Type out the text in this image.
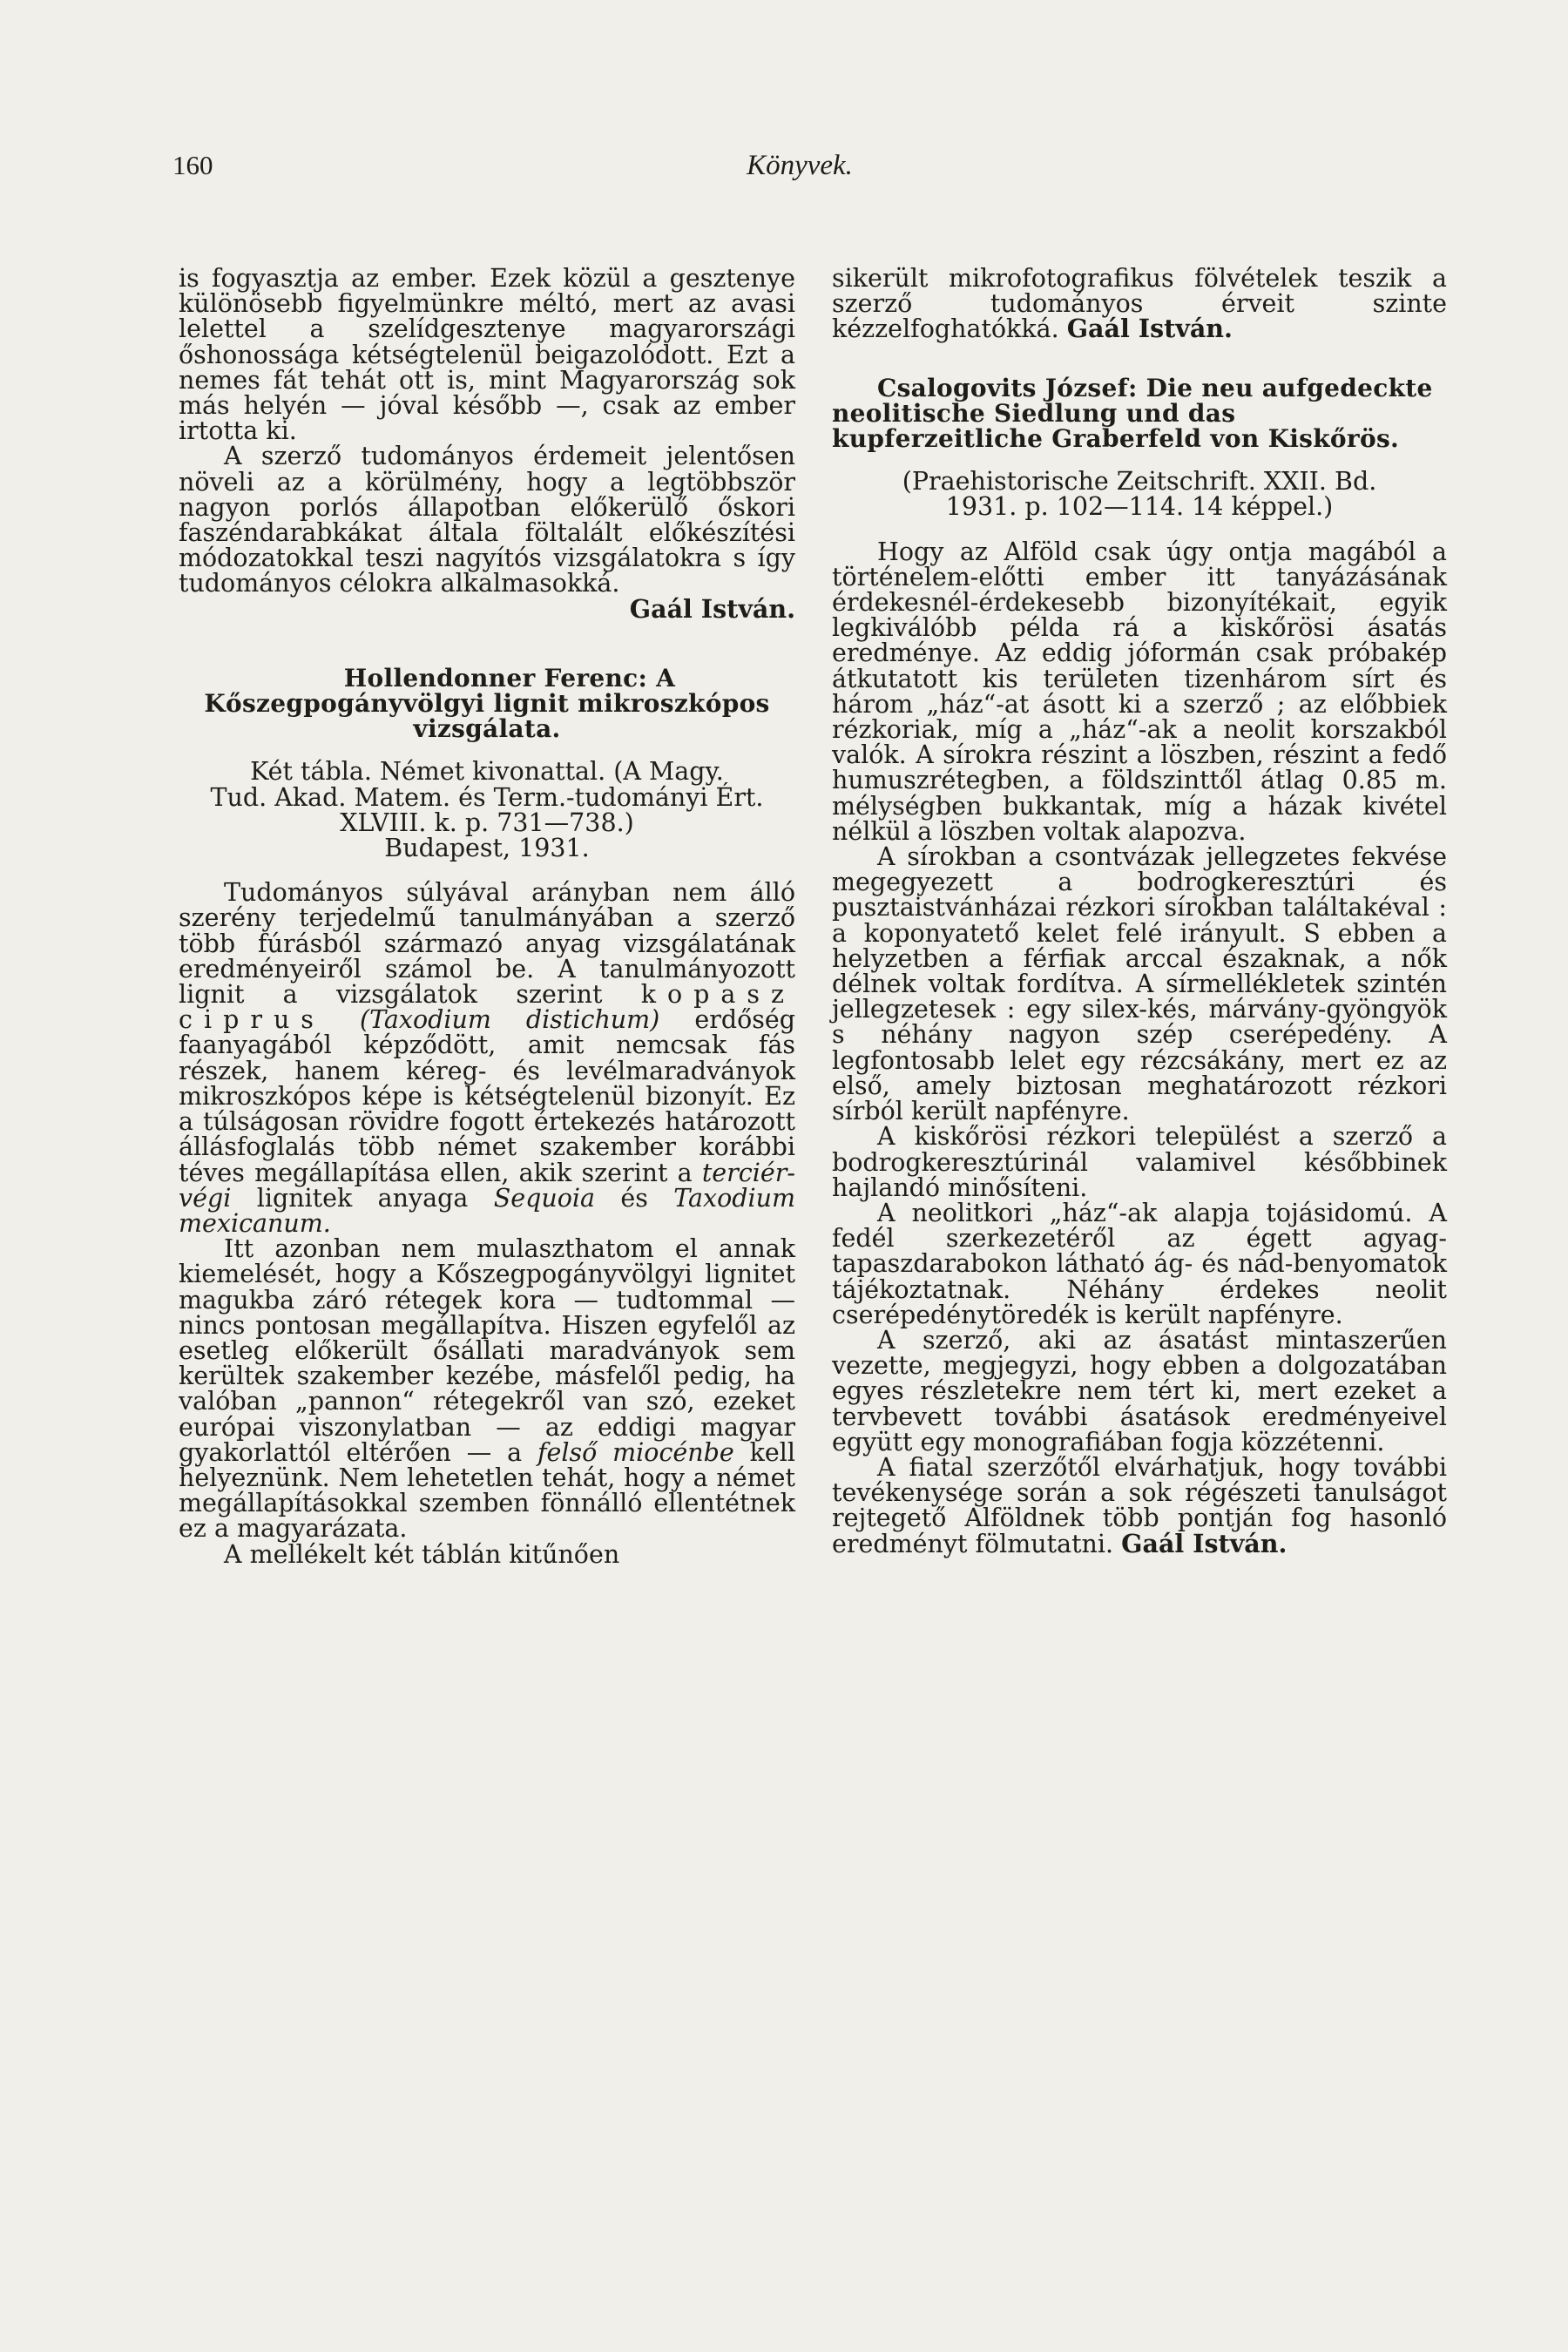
160	Könyvek.

is fogyasztja az ember. Ezek közül a gesztenye különösebb figyelmünkre méltó, mert az avasi lelettel a szelídgesztenye magyarországi őshonossága kétségtelenül beigazolódott. Ezt a nemes fát tehát ott is, mint Magyarország sok más helyén — jóval később —, csak az ember irtotta ki.

A szerző tudományos érdemeit jelentősen növeli az a körülmény, hogy a legtöbbször nagyon porlós állapotban előkerülő őskori faszéndarabkákat általa föltalált előkészítési módozatokkal teszi nagyítós vizsgálatokra s így tudományos célokra alkalmasokká.

Gaál István.

Hollendonner Ferenc: A Kőszegpogányvölgyi lignit mikroszkópos vizsgálata.

Két tábla. Német kivonattal. (A Magy.
Tud. Akad. Matem. és Term.-tudományi Ért. XLVIII. k. p. 731—738.)
Budapest, 1931.

Tudományos súlyával arányban nem álló szerény terjedelmű tanulmányában a szerző több fúrásból származó anyag vizsgálatának eredményeiről számol be. A tanulmányozott lignit a vizsgálatok szerint kopasz ciprus (Taxodium distichum) erdőség faanyagából képződött, amit nemcsak fás részek, hanem kéreg- és levélmaradványok mikroszkópos képe is kétségtelenül bizonyít. Ez a túlságosan rövidre fogott értekezés határozott állásfoglalás több német szakember korábbi téves megállapítása ellen, akik szerint a terciér-végi lignitek anyaga Sequoia és Taxodium mexicanum.

Itt azonban nem mulaszthatom el annak kiemelését, hogy a Kőszegpogányvölgyi lignitet magukba záró rétegek kora — tudtommal — nincs pontosan megállapítva. Hiszen egyfelől az esetleg előkerült ősállati maradványok sem kerültek szakember kezébe, másfelől pedig, ha valóban „pannon“ rétegekről van szó, ezeket európai viszonylatban — az eddigi magyar gyakorlattól eltérően — a felső miocénbe kell helyeznünk. Nem lehetetlen tehát, hogy a német megállapításokkal szemben fönnálló ellentétnek ez a magyarázata.

A mellékelt két táblán kitűnően

sikerült mikrofotografikus fölvételek teszik a szerző tudományos érveit szinte kézzelfoghatókká. Gaál István.

Csalogovits József: Die neu aufgedeckte neolitische Siedlung und das kupferzeitliche Graberfeld von Kiskőrös.

(Praehistorische Zeitschrift. XXII. Bd.
1931. p. 102—114. 14 képpel.)

Hogy az Alföld csak úgy ontja magából a történelem-előtti ember itt tanyázásának érdekesnél-érdekesebb bizonyítékait, egyik legkiválóbb példa rá a kiskőrösi ásatás eredménye. Az eddig jóformán csak próbakép átkutatott kis területen tizenhárom sírt és három „ház“-at ásott ki a szerző ; az előbbiek rézkoriak, míg a „ház“-ak a neolit korszakból valók. A sírokra részint a löszben, részint a fedő humuszrétegben, a földszinttől átlag 0.85 m. mélységben bukkantak, míg a házak kivétel nélkül a löszben voltak alapozva.

A sírokban a csontvázak jellegzetes fekvése megegyezett a bodrogkeresztúri és pusztaistvánházai rézkori sírokban találtakéval : a koponyatető kelet felé irányult. S ebben a helyzetben a férfiak arccal északnak, a nők délnek voltak fordítva. A sírmellékletek szintén jellegzetesek : egy silex-kés, márvány-gyöngyök s néhány nagyon szép cserépedény. A legfontosabb lelet egy rézcsákány, mert ez az első, amely biztosan meghatározott rézkori sírból került napfényre.

A kiskőrösi rézkori települést a szerző a bodrogkeresztúrinál valamivel későbbinek hajlandó minősíteni.

A neolitkori „ház“-ak alapja tojásidomú. A fedél szerkezetéről az égett agyag-tapaszdarabokon látható ág- és nád-benyomatok tájékoztatnak. Néhány érdekes neolit cserépedénytöredék is került napfényre.

A szerző, aki az ásatást mintaszerűen vezette, megjegyzi, hogy ebben a dolgozatában egyes részletekre nem tért ki, mert ezeket a tervbevett további ásatások eredményeivel együtt egy monografiában fogja közzétenni.

A fiatal szerzőtől elvárhatjuk, hogy további tevékenysége során a sok régészeti tanulságot rejtegető Alföldnek több pontján fog hasonló eredményt fölmutatni. Gaál István.
